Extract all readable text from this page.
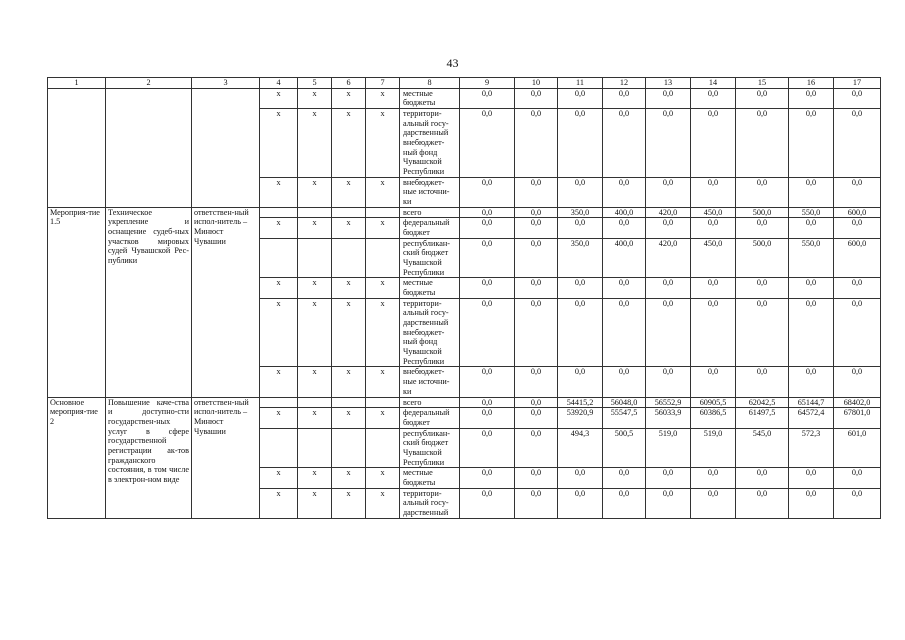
43
1	2	3	4	5	6	7	8	9	10	11	12	13	14	15	16	17
			x	x	x	x	местные бюджеты	0,0	0,0	0,0	0,0	0,0	0,0	0,0	0,0	0,0
			x	x	x	x	территори-альный госу-дарственный внебюджет-ный фонд Чувашской Республики	0,0	0,0	0,0	0,0	0,0	0,0	0,0	0,0	0,0
			x	x	x	x	внебюджет-ные источни-ки	0,0	0,0	0,0	0,0	0,0	0,0	0,0	0,0	0,0
Мероприя-тие 1.5	Техническое укрепление и оснащение судеб-ных участков мировых судей Чувашской Рес-публики	ответствен-ный испол-нитель – Минюст Чувашии					всего	0,0	0,0	350,0	400,0	420,0	450,0	500,0	550,0	600,0
			x	x	x	x	федеральный бюджет	0,0	0,0	0,0	0,0	0,0	0,0	0,0	0,0	0,0
							республикан-ский бюджет Чувашской Республики	0,0	0,0	350,0	400,0	420,0	450,0	500,0	550,0	600,0
			x	x	x	x	местные бюджеты	0,0	0,0	0,0	0,0	0,0	0,0	0,0	0,0	0,0
			x	x	x	x	территори-альный госу-дарственный внебюджет-ный фонд Чувашской Республики	0,0	0,0	0,0	0,0	0,0	0,0	0,0	0,0	0,0
			x	x	x	x	внебюджет-ные источни-ки	0,0	0,0	0,0	0,0	0,0	0,0	0,0	0,0	0,0
Основное мероприя-тие 2	Повышение каче-ства и доступно-сти государствен-ных услуг в сфере государственной регистрации ак-тов гражданского состояния, в том числе в электрон-ном виде	ответствен-ный испол-нитель – Минюст Чувашии					всего	0,0	0,0	54415,2	56048,0	56552,9	60905,5	62042,5	65144,7	68402,0
			x	x	x	x	федеральный бюджет	0,0	0,0	53920,9	55547,5	56033,9	60386,5	61497,5	64572,4	67801,0
							республикан-ский бюджет Чувашской Республики	0,0	0,0	494,3	500,5	519,0	519,0	545,0	572,3	601,0
			x	x	x	x	местные бюджеты	0,0	0,0	0,0	0,0	0,0	0,0	0,0	0,0	0,0
			x	x	x	x	территори-альный госу-дарственный	0,0	0,0	0,0	0,0	0,0	0,0	0,0	0,0	0,0
